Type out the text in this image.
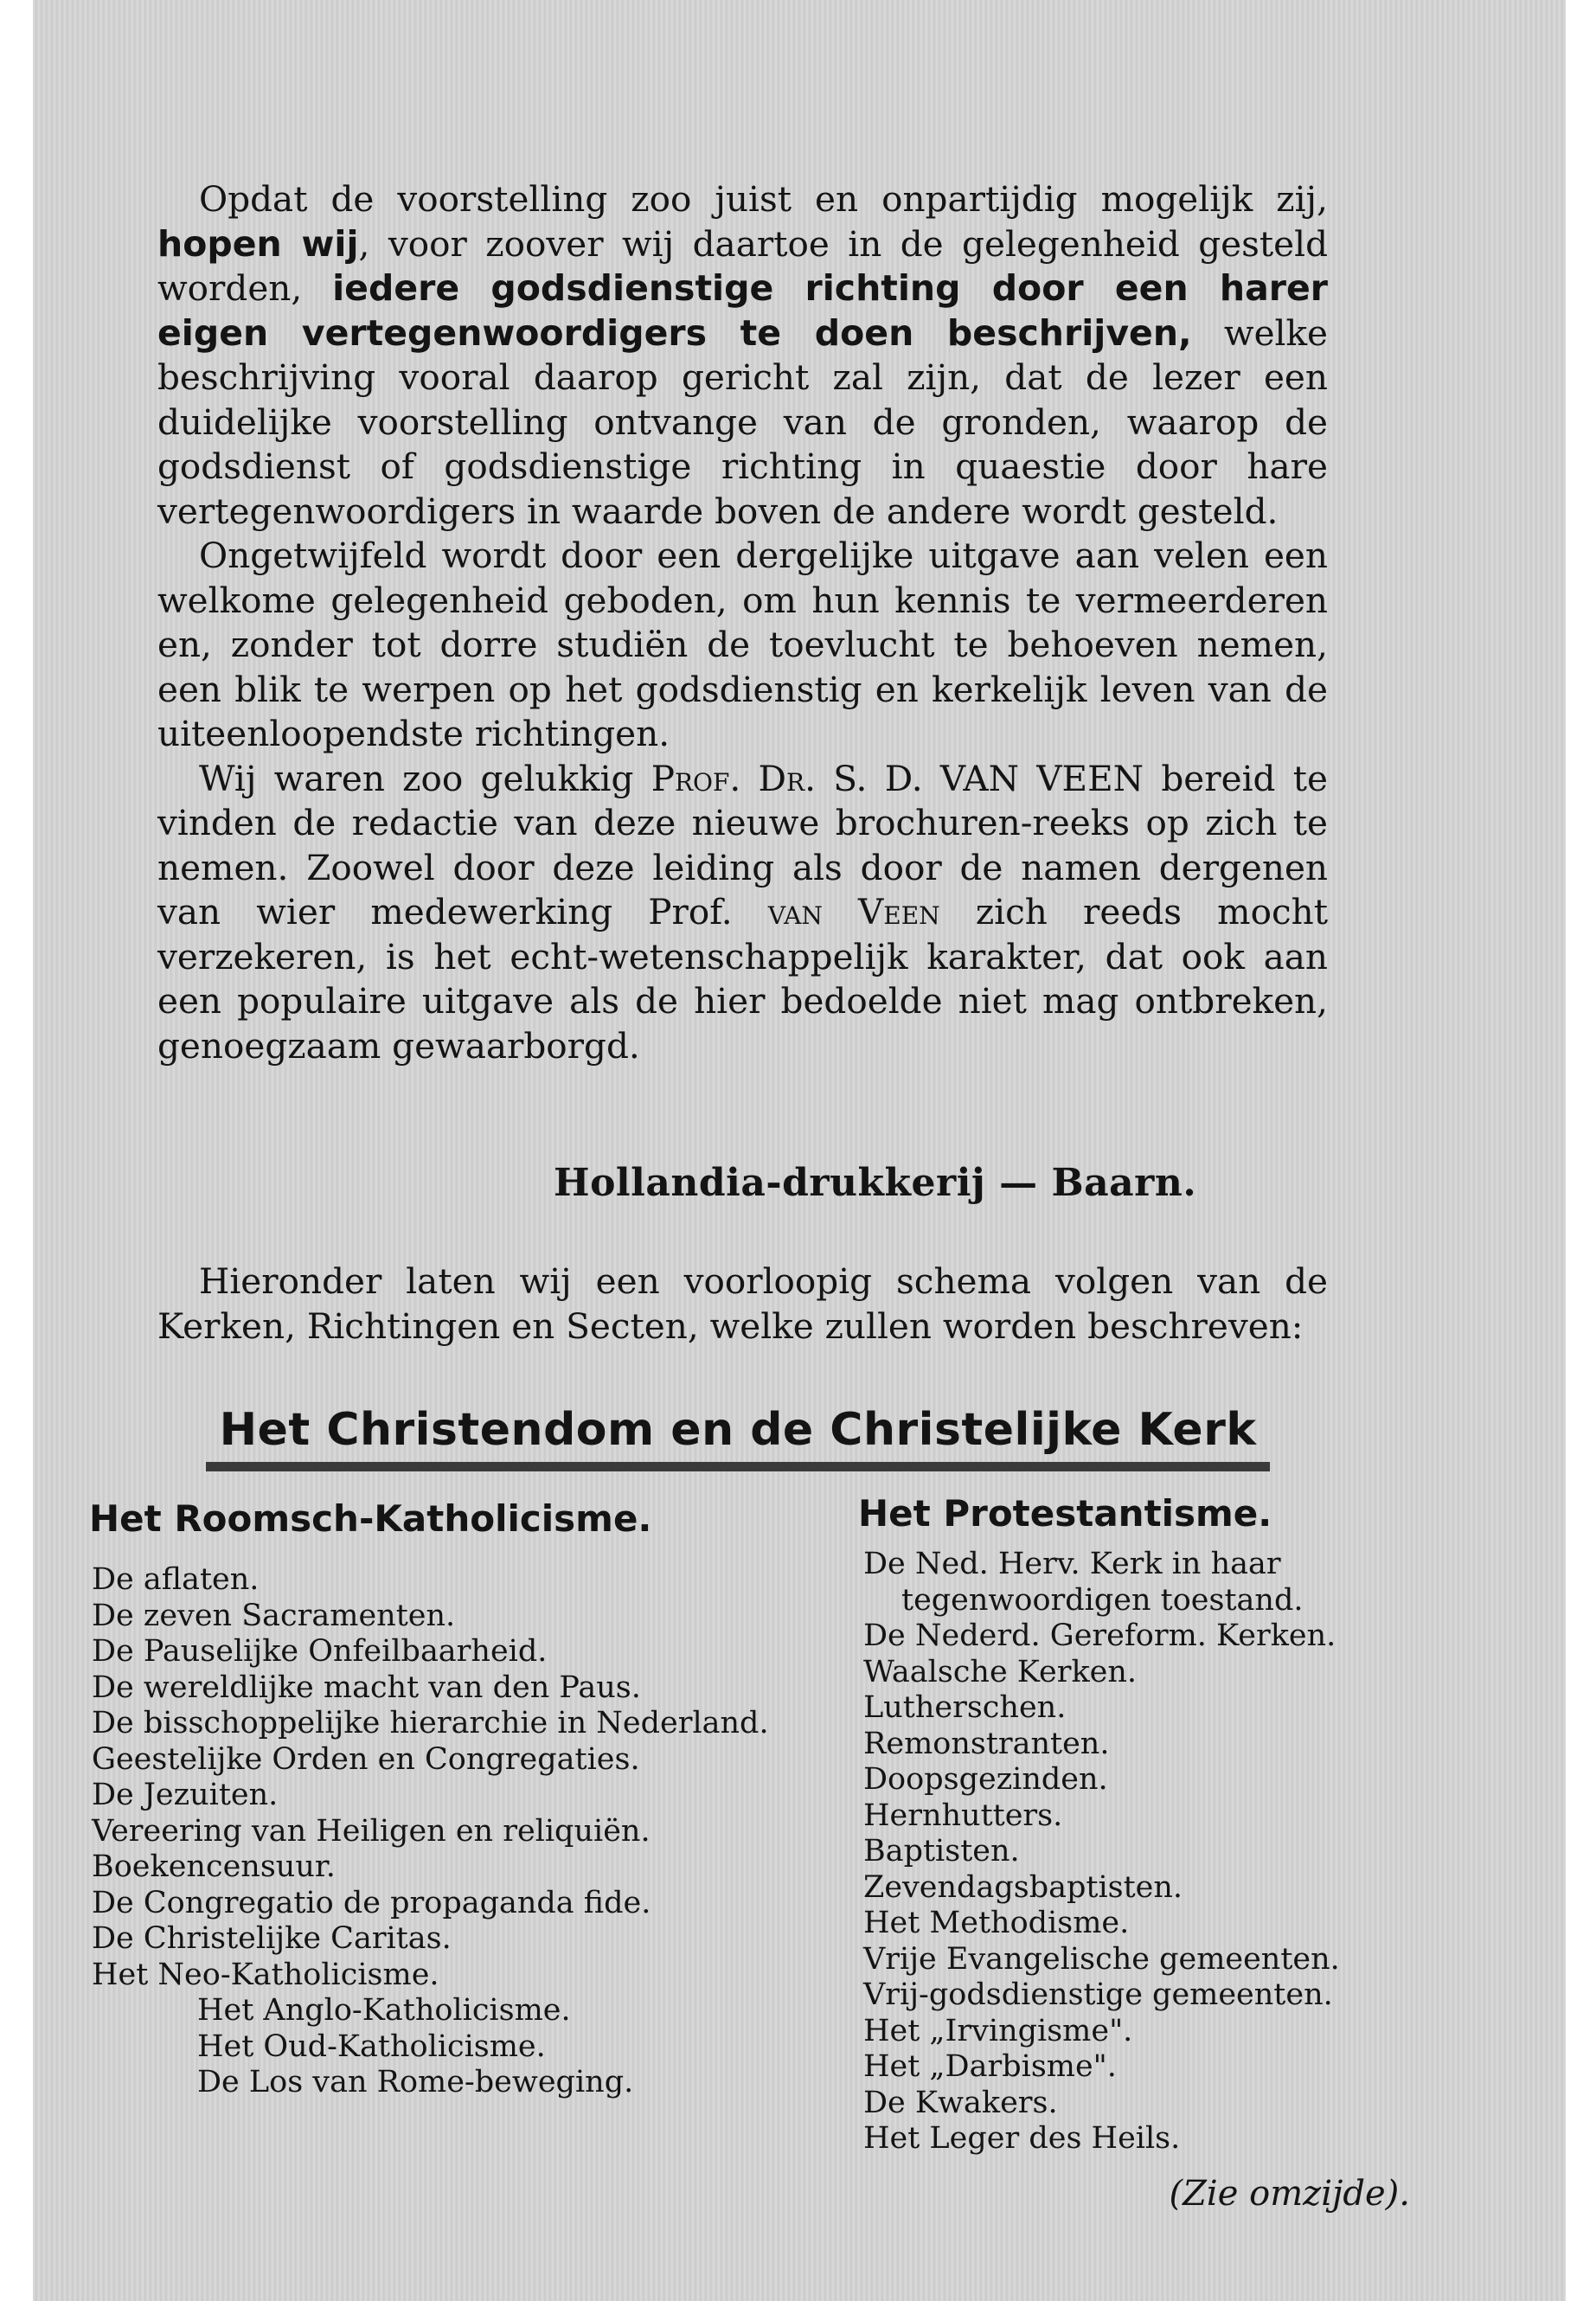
Opdat de voorstelling zoo juist en onpartijdig mogelijk zij, hopen wij, voor zoover wij daartoe in de gelegenheid gesteld worden, iedere godsdienstige richting door een harer eigen vertegenwoordigers te doen beschrijven, welke beschrijving vooral daarop gericht zal zijn, dat de lezer een duidelijke voorstelling ontvange van de gronden, waarop de godsdienst of godsdienstige richting in quaestie door hare vertegenwoordigers in waarde boven de andere wordt gesteld.

Ongetwijfeld wordt door een dergelijke uitgave aan velen een welkome gelegenheid geboden, om hun kennis te vermeerderen en, zonder tot dorre studiën de toevlucht te behoeven nemen, een blik te werpen op het godsdienstig en kerkelijk leven van de uiteenloopendste richtingen.

Wij waren zoo gelukkig Prof. Dr. S. D. VAN VEEN bereid te vinden de redactie van deze nieuwe brochuren-reeks op zich te nemen. Zoowel door deze leiding als door de namen dergenen van wier medewerking Prof. van Veen zich reeds mocht verzekeren, is het echt-wetenschappelijk karakter, dat ook aan een populaire uitgave als de hier bedoelde niet mag ontbreken, genoegzaam gewaarborgd.

Hollandia-drukkerij — Baarn.

Hieronder laten wij een voorloopig schema volgen van de Kerken, Richtingen en Secten, welke zullen worden beschreven:

Het Christendom en de Christelijke Kerk
Het Roomsch-Katholicisme.
De aflaten.
De zeven Sacramenten.
De Pauselijke Onfeilbaarheid.
De wereldlijke macht van den Paus.
De bisschoppelijke hierarchie in Nederland.
Geestelijke Orden en Congregaties.
De Jezuiten.
Vereering van Heiligen en reliquiën.
Boekencensuur.
De Congregatio de propaganda fide.
De Christelijke Caritas.
Het Neo-Katholicisme.
Het Anglo-Katholicisme.
Het Oud-Katholicisme.
De Los van Rome-beweging.
Het Protestantisme.
De Ned. Herv. Kerk in haar tegenwoordigen toestand.
De Nederd. Gereform. Kerken.
Waalsche Kerken.
Lutherschen.
Remonstranten.
Doopsgezinden.
Hernhutters.
Baptisten.
Zevendagsbaptisten.
Het Methodisme.
Vrije Evangelische gemeenten.
Vrij-godsdienstige gemeenten.
Het „Irvingisme".
Het „Darbisme".
De Kwakers.
Het Leger des Heils.
(Zie omzijde).
